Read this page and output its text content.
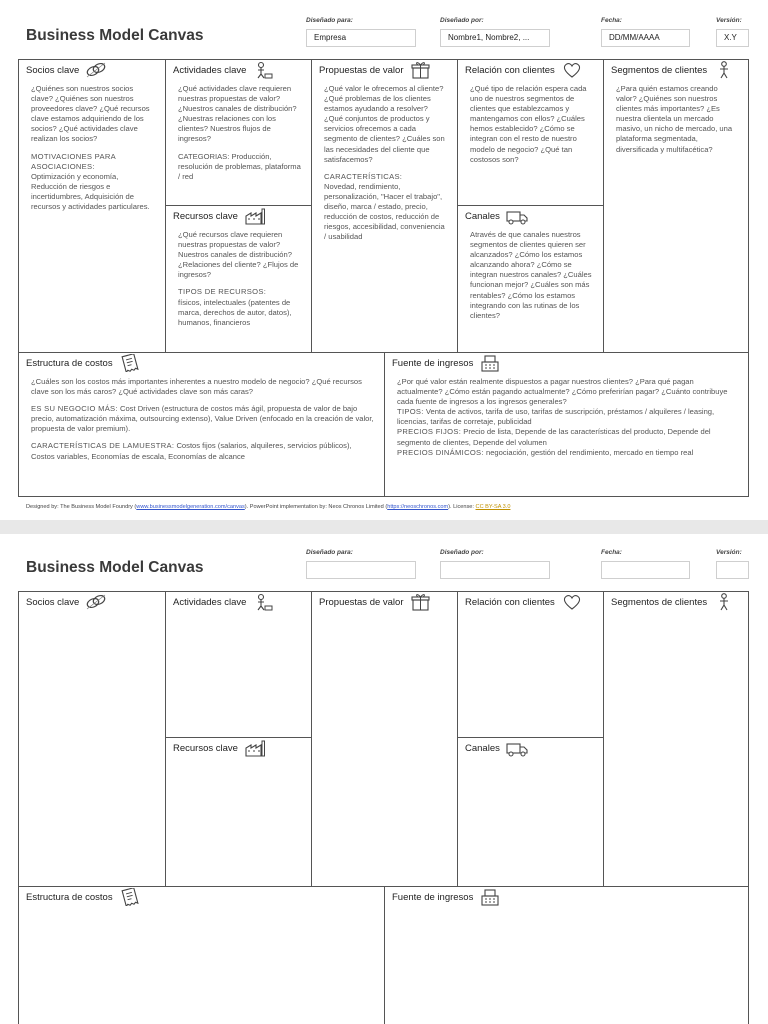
Business Model Canvas
Diseñado para:
Empresa
Diseñado por:
Nombre1, Nombre2, ...
Fecha:
DD/MM/AAAA
Versión:
X.Y
Socios clave

¿Quiénes son nuestros socios clave? ¿Quiénes son nuestros proveedores clave? ¿Qué recursos clave estamos adquiriendo de los socios? ¿Qué actividades clave realizan los socios?

MOTIVACIONES PARA ASOCIACIONES:
Optimización y economía, Reducción de riesgos e incertidumbres, Adquisición de recursos y actividades particulares.

Actividades clave

¿Qué actividades clave requieren nuestras propuestas de valor? ¿Nuestros canales de distribución? ¿Nuestras relaciones con los clientes? Nuestros flujos de ingresos?

CATEGORIAS: Producción, resolución de problemas, plataforma / red

Recursos clave

¿Qué recursos clave requieren nuestras propuestas de valor? Nuestros canales de distribución? ¿Relaciones del cliente? ¿Flujos de ingresos?

TIPOS DE RECURSOS:
físicos, intelectuales (patentes de marca, derechos de autor, datos), humanos, financieros

Propuestas de valor

¿Qué valor le ofrecemos al cliente? ¿Qué problemas de los clientes estamos ayudando a resolver? ¿Qué conjuntos de productos y servicios ofrecemos a cada segmento de clientes? ¿Cuáles son las necesidades del cliente que satisfacemos?

CARACTERÍSTICAS:
Novedad, rendimiento, personalización, "Hacer el trabajo", diseño, marca / estado, precio, reducción de costos, reducción de riesgos, accesibilidad, conveniencia / usabilidad

Relación con clientes

¿Qué tipo de relación espera cada uno de nuestros segmentos de clientes que establezcamos y mantengamos con ellos? ¿Cuáles hemos establecido? ¿Cómo se integran con el resto de nuestro modelo de negocio? ¿Qué tan costosos son?

Canales

Através de que canales nuestros segmentos de clientes quieren ser alcanzados? ¿Cómo los estamos alcanzando ahora? ¿Cómo se integran nuestros canales? ¿Cuáles funcionan mejor? ¿Cuáles son más rentables? ¿Cómo los estamos integrando con las rutinas de los clientes?

Segmentos de clientes

¿Para quién estamos creando valor? ¿Quiénes son nuestros clientes más importantes? ¿Es nuestra clientela un mercado masivo, un nicho de mercado, una plataforma segmentada, diversificada y multifacética?

Estructura de costos

¿Cuáles son los costos más importantes inherentes a nuestro modelo de negocio? ¿Qué recursos clave son los más caros? ¿Qué actividades clave son más caras?

ES SU NEGOCIO MÁS: Cost Driven (estructura de costos más ágil, propuesta de valor de bajo precio, automatización máxima, outsourcing extenso), Value Driven (enfocado en la creación de valor, propuesta de valor premium).

CARACTERÍSTICAS DE LAMUESTRA: Costos fijos (salarios, alquileres, servicios públicos), Costos variables, Economías de escala, Economías de alcance

Fuente de ingresos
¿Por qué valor están realmente dispuestos a pagar nuestros clientes? ¿Para qué pagan actualmente? ¿Cómo están pagando actualmente? ¿Cómo preferirían pagar? ¿Cuánto contribuye cada fuente de ingresos a los ingresos generales?
TIPOS: Venta de activos, tarifa de uso, tarifas de suscripción, préstamos / alquileres / leasing, licencias, tarifas de corretaje, publicidad
PRECIOS FIJOS: Precio de lista, Depende de las características del producto, Depende del segmento de clientes, Depende del volumen
PRECIOS DINÁMICOS: negociación, gestión del rendimiento, mercado en tiempo real
Designed by: The Business Model Foundry (www.businessmodelgeneration.com/canvas). PowerPoint implementation by: Neos Chronos Limited (https://neoschronos.com). License: CC BY-SA 3.0
Business Model Canvas
Diseñado para:	Diseñado por:	Fecha:	Versión:
Socios clave	Actividades clave
Recursos clave
Propuestas de valor	Relación con clientes
Canales
Segmentos de clientes
Estructura de costos	Fuente de ingresos
